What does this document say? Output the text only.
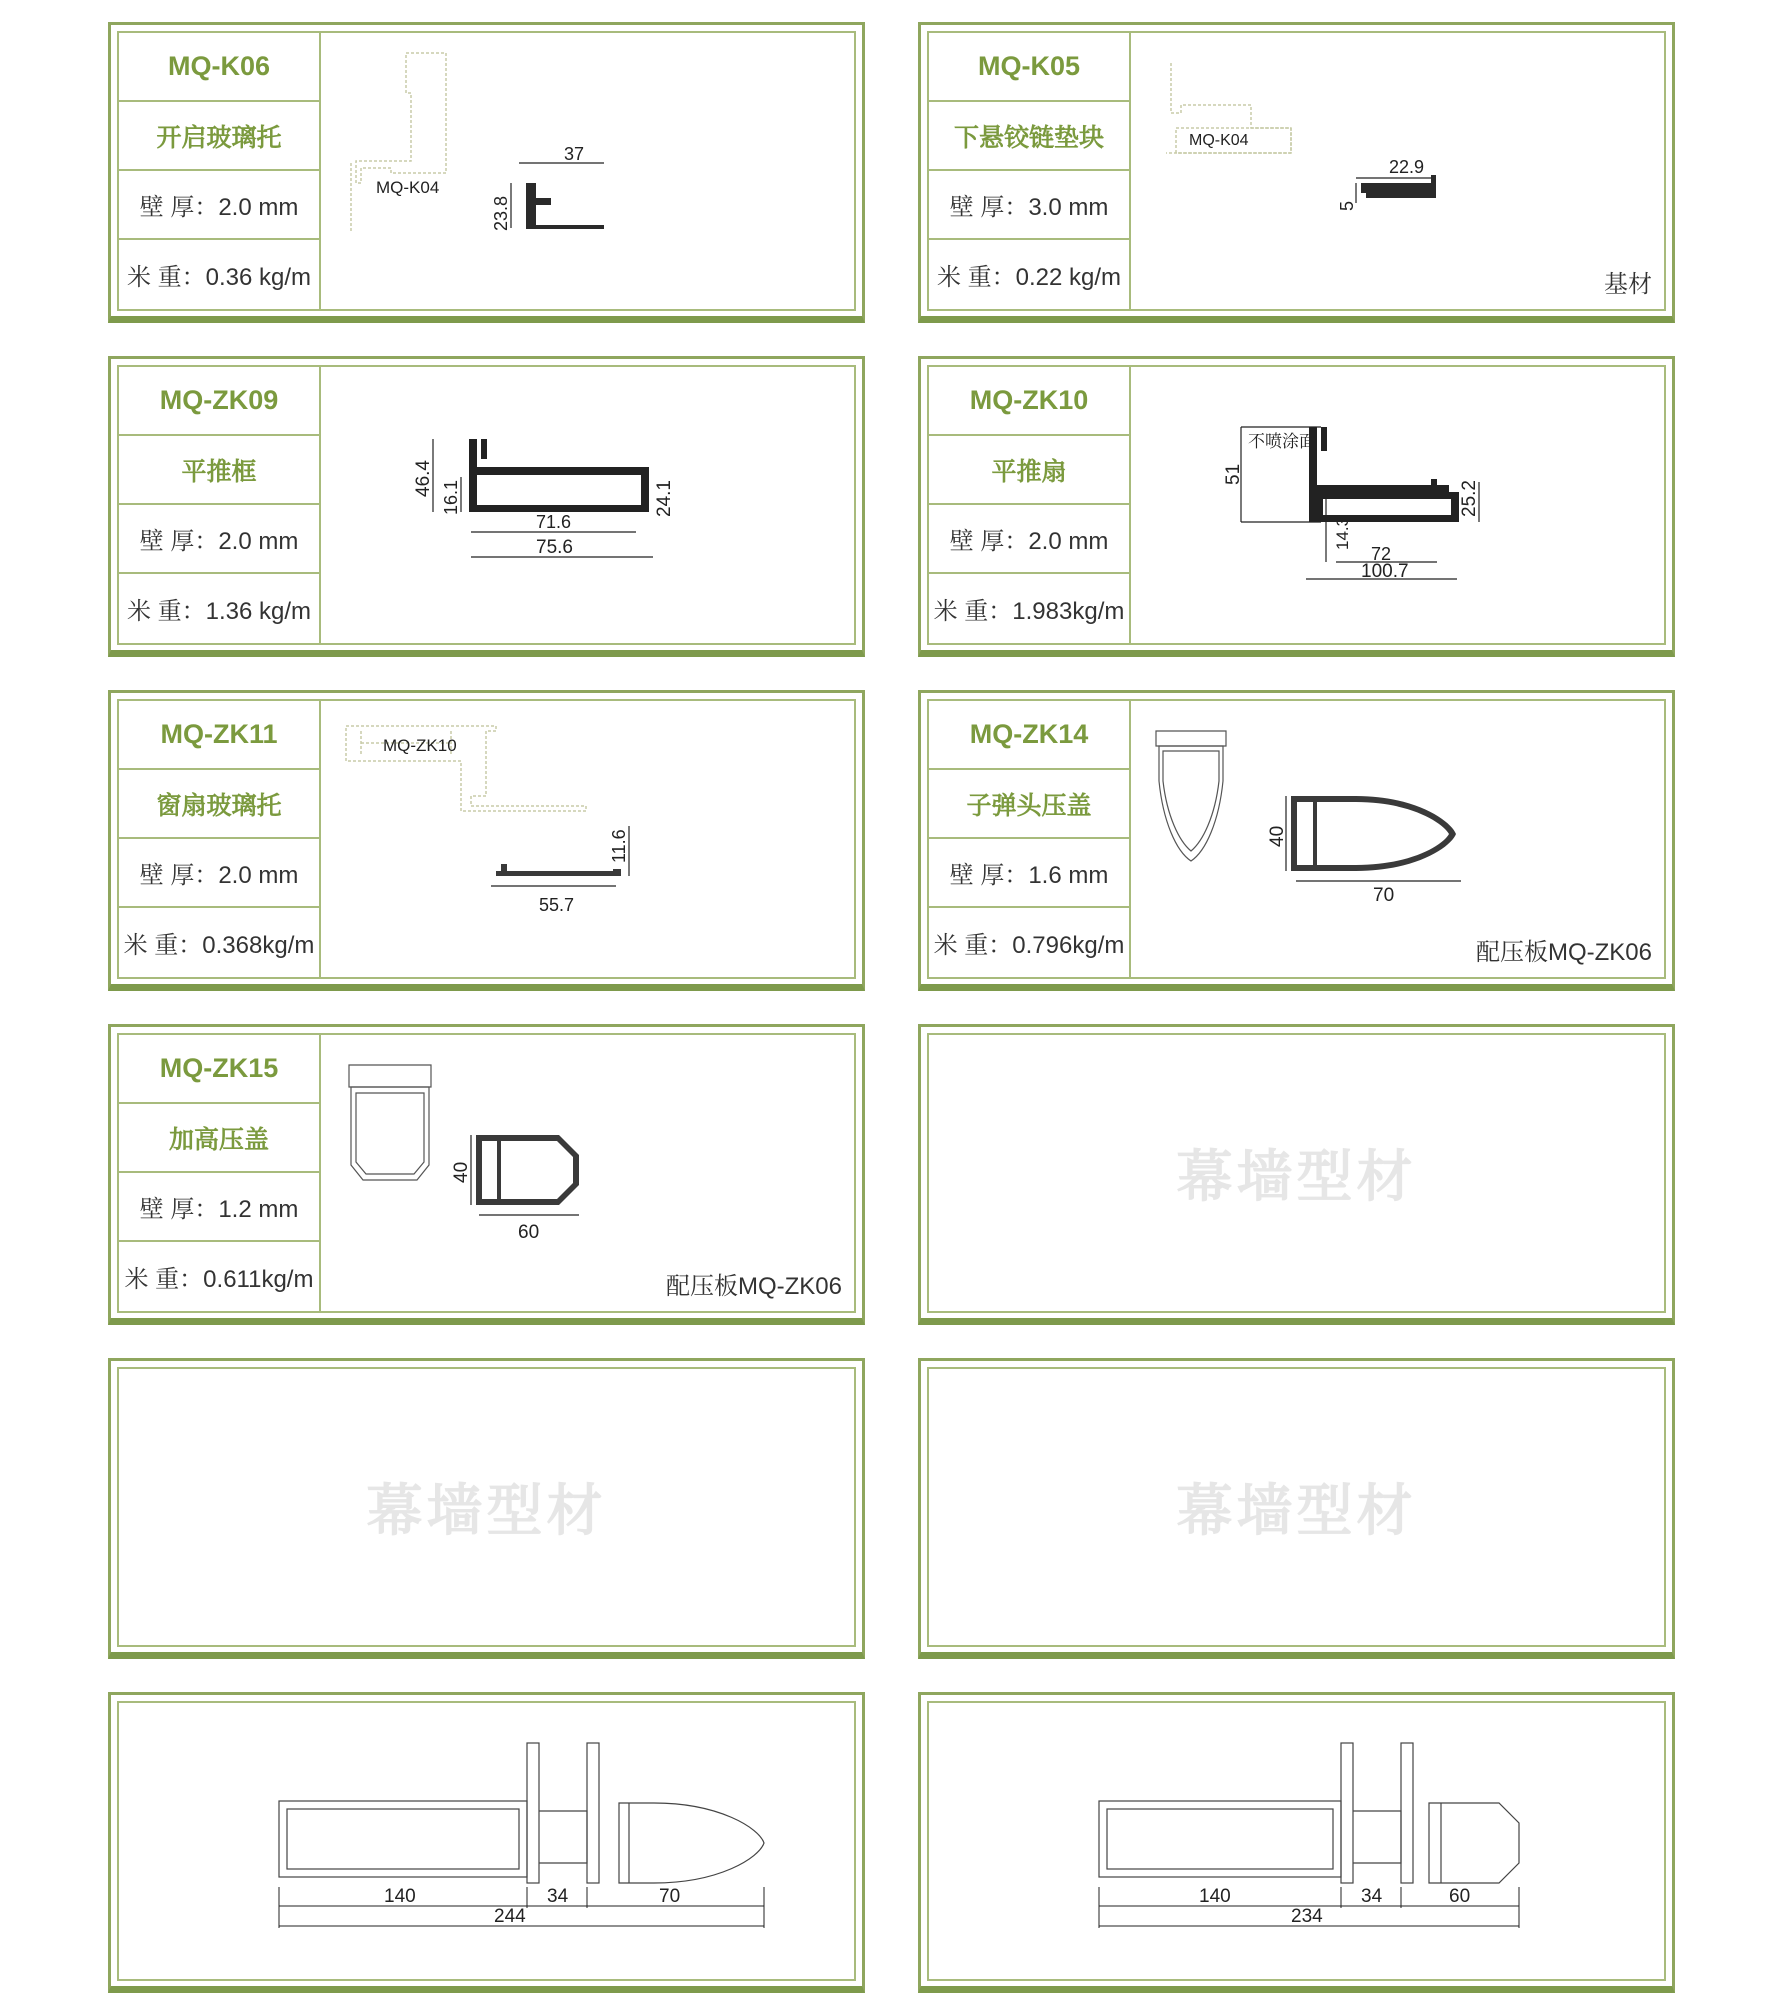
MQ-K06
开启玻璃托
壁 厚：2.0 mm
米 重：0.36 kg/m
MQ-K04
37
23.8
MQ-K05
下悬铰链垫块
壁 厚：3.0 mm
米 重：0.22 kg/m
MQ-K04
22.9
5
基材
MQ-ZK09
平推框
壁 厚：2.0 mm
米 重：1.36 kg/m
46.4
16.1	24.1
71.6
75.6
MQ-ZK10
平推扇
壁 厚：2.0 mm
米 重：1.983kg/m
51
不喷涂面
25.2
14.3
72
100.7
MQ-ZK11
窗扇玻璃托
壁 厚：2.0 mm
米 重：0.368kg/m
MQ-ZK10
55.7
11.6
MQ-ZK14
子弹头压盖
壁 厚：1.6 mm
米 重：0.796kg/m
40
70
配压板MQ-ZK06
MQ-ZK15
加高压盖
壁 厚：1.2 mm
米 重：0.611kg/m
40
60
配压板MQ-ZK06
幕墙型材
幕墙型材	幕墙型材
140	34	70
244
140	34	60
234
